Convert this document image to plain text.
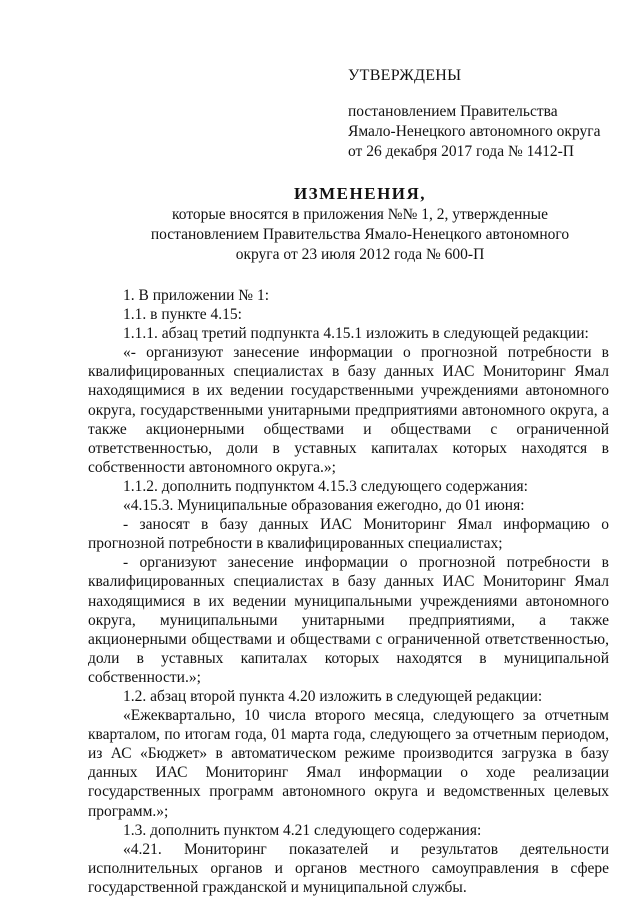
УТВЕРЖДЕНЫ
постановлением Правительства
Ямало-Ненецкого автономного округа
от 26 декабря 2017 года № 1412-П
ИЗМЕНЕНИЯ,
которые вносятся в приложения №№ 1, 2, утвержденные
постановлением Правительства Ямало-Ненецкого автономного
округа от 23 июля 2012 года № 600-П

1. В приложении № 1:

1.1. в пункте 4.15:

1.1.1. абзац третий подпункта 4.15.1 изложить в следующей редакции:

«- организуют занесение информации о прогнозной потребности в квалифицированных специалистах в базу данных ИАС Мониторинг Ямал находящимися в их ведении государственными учреждениями автономного округа, государственными унитарными предприятиями автономного округа, а также акционерными обществами и обществами с ограниченной ответственностью, доли в уставных капиталах которых находятся в собственности автономного округа.»;

1.1.2. дополнить подпунктом 4.15.3 следующего содержания:

«4.15.3. Муниципальные образования ежегодно, до 01 июня:

- заносят в базу данных ИАС Мониторинг Ямал информацию о прогнозной потребности в квалифицированных специалистах;

- организуют занесение информации о прогнозной потребности в квалифицированных специалистах в базу данных ИАС Мониторинг Ямал находящимися в их ведении муниципальными учреждениями автономного округа, муниципальными унитарными предприятиями, а также акционерными обществами и обществами с ограниченной ответственностью, доли в уставных капиталах которых находятся в муниципальной собственности.»;

1.2. абзац второй пункта 4.20 изложить в следующей редакции:

«Ежеквартально, 10 числа второго месяца, следующего за отчетным кварталом, по итогам года, 01 марта года, следующего за отчетным периодом, из АС «Бюджет» в автоматическом режиме производится загрузка в базу данных ИАС Мониторинг Ямал информации о ходе реализации государственных программ автономного округа и ведомственных целевых программ.»;

1.3. дополнить пунктом 4.21 следующего содержания:

«4.21. Мониторинг показателей и результатов деятельности исполнительных органов и органов местного самоуправления в сфере государственной гражданской и муниципальной службы.
